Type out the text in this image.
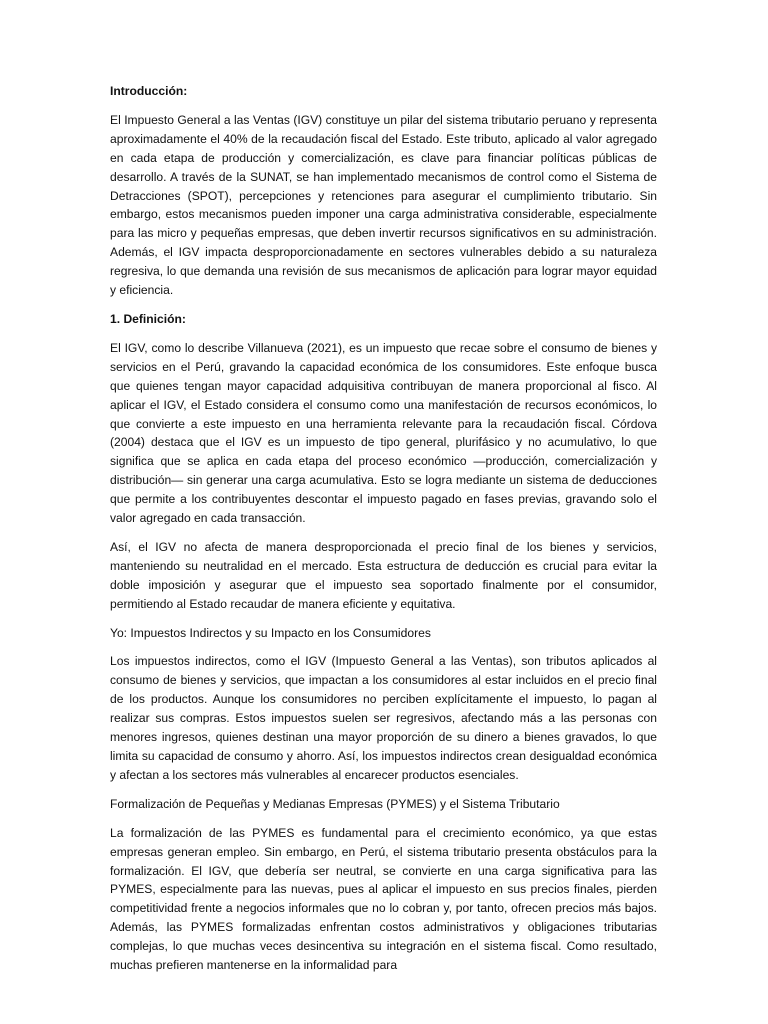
Introducción:

El Impuesto General a las Ventas (IGV) constituye un pilar del sistema tributario peruano y representa aproximadamente el 40% de la recaudación fiscal del Estado. Este tributo, aplicado al valor agregado en cada etapa de producción y comercialización, es clave para financiar políticas públicas de desarrollo. A través de la SUNAT, se han implementado mecanismos de control como el Sistema de Detracciones (SPOT), percepciones y retenciones para asegurar el cumplimiento tributario. Sin embargo, estos mecanismos pueden imponer una carga administrativa considerable, especialmente para las micro y pequeñas empresas, que deben invertir recursos significativos en su administración. Además, el IGV impacta desproporcionadamente en sectores vulnerables debido a su naturaleza regresiva, lo que demanda una revisión de sus mecanismos de aplicación para lograr mayor equidad y eficiencia.

1. Definición:

El IGV, como lo describe Villanueva (2021), es un impuesto que recae sobre el consumo de bienes y servicios en el Perú, gravando la capacidad económica de los consumidores. Este enfoque busca que quienes tengan mayor capacidad adquisitiva contribuyan de manera proporcional al fisco. Al aplicar el IGV, el Estado considera el consumo como una manifestación de recursos económicos, lo que convierte a este impuesto en una herramienta relevante para la recaudación fiscal. Córdova (2004) destaca que el IGV es un impuesto de tipo general, plurifásico y no acumulativo, lo que significa que se aplica en cada etapa del proceso económico —producción, comercialización y distribución— sin generar una carga acumulativa. Esto se logra mediante un sistema de deducciones que permite a los contribuyentes descontar el impuesto pagado en fases previas, gravando solo el valor agregado en cada transacción.

Así, el IGV no afecta de manera desproporcionada el precio final de los bienes y servicios, manteniendo su neutralidad en el mercado. Esta estructura de deducción es crucial para evitar la doble imposición y asegurar que el impuesto sea soportado finalmente por el consumidor, permitiendo al Estado recaudar de manera eficiente y equitativa.

Yo: Impuestos Indirectos y su Impacto en los Consumidores

Los impuestos indirectos, como el IGV (Impuesto General a las Ventas), son tributos aplicados al consumo de bienes y servicios, que impactan a los consumidores al estar incluidos en el precio final de los productos. Aunque los consumidores no perciben explícitamente el impuesto, lo pagan al realizar sus compras. Estos impuestos suelen ser regresivos, afectando más a las personas con menores ingresos, quienes destinan una mayor proporción de su dinero a bienes gravados, lo que limita su capacidad de consumo y ahorro. Así, los impuestos indirectos crean desigualdad económica y afectan a los sectores más vulnerables al encarecer productos esenciales.

Formalización de Pequeñas y Medianas Empresas (PYMES) y el Sistema Tributario

La formalización de las PYMES es fundamental para el crecimiento económico, ya que estas empresas generan empleo. Sin embargo, en Perú, el sistema tributario presenta obstáculos para la formalización. El IGV, que debería ser neutral, se convierte en una carga significativa para las PYMES, especialmente para las nuevas, pues al aplicar el impuesto en sus precios finales, pierden competitividad frente a negocios informales que no lo cobran y, por tanto, ofrecen precios más bajos. Además, las PYMES formalizadas enfrentan costos administrativos y obligaciones tributarias complejas, lo que muchas veces desincentiva su integración en el sistema fiscal. Como resultado, muchas prefieren mantenerse en la informalidad para
